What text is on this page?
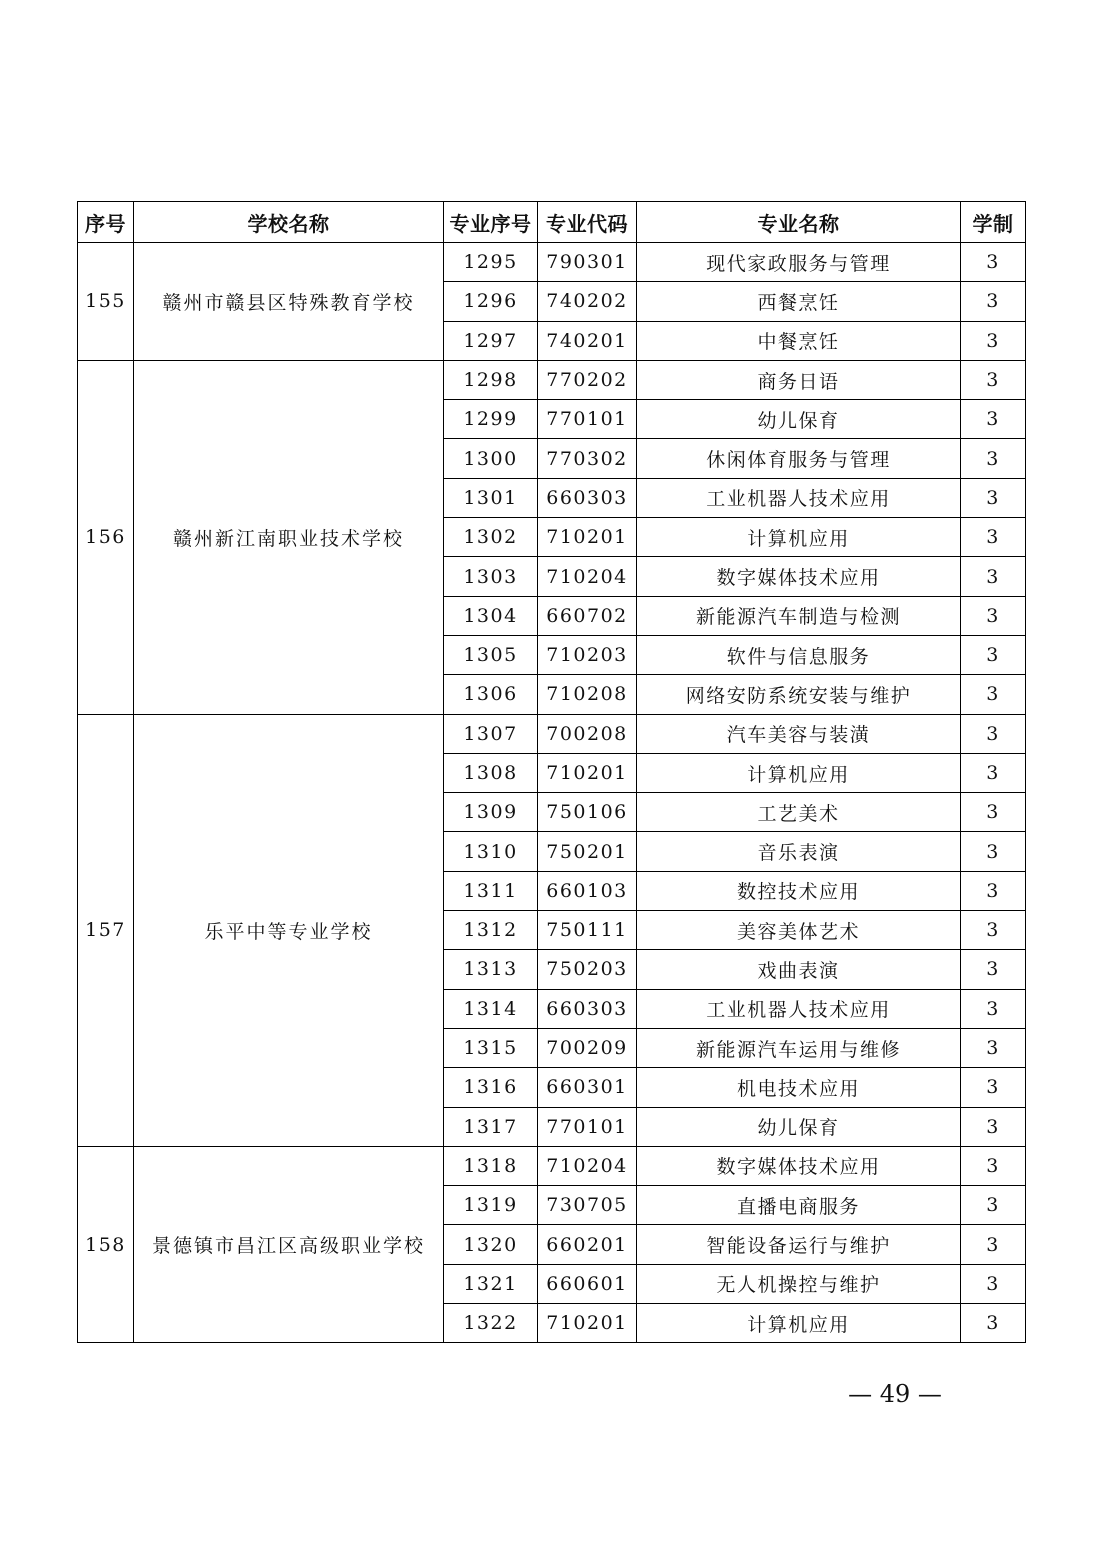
序号	学校名称	专业序号	专业代码	专业名称	学制
155	赣州市赣县区特殊教育学校	1295	790301	现代家政服务与管理	3
		1296	740202	西餐烹饪	3
		1297	740201	中餐烹饪	3
156	赣州新江南职业技术学校	1298	770202	商务日语	3
		1299	770101	幼儿保育	3
		1300	770302	休闲体育服务与管理	3
		1301	660303	工业机器人技术应用	3
		1302	710201	计算机应用	3
		1303	710204	数字媒体技术应用	3
		1304	660702	新能源汽车制造与检测	3
		1305	710203	软件与信息服务	3
		1306	710208	网络安防系统安装与维护	3
157	乐平中等专业学校	1307	700208	汽车美容与装潢	3
		1308	710201	计算机应用	3
		1309	750106	工艺美术	3
		1310	750201	音乐表演	3
		1311	660103	数控技术应用	3
		1312	750111	美容美体艺术	3
		1313	750203	戏曲表演	3
		1314	660303	工业机器人技术应用	3
		1315	700209	新能源汽车运用与维修	3
		1316	660301	机电技术应用	3
		1317	770101	幼儿保育	3
158	景德镇市昌江区高级职业学校	1318	710204	数字媒体技术应用	3
		1319	730705	直播电商服务	3
		1320	660201	智能设备运行与维护	3
		1321	660601	无人机操控与维护	3
		1322	710201	计算机应用	3
— 49 —
